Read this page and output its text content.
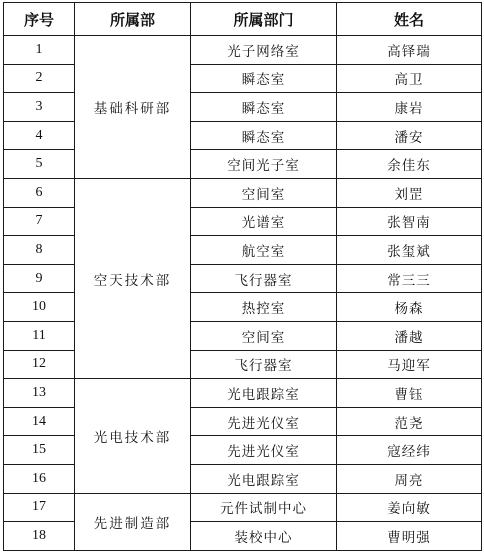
序号	所属部	所属部门	姓名
1	基础科研部	光子网络室	高铎瑞
2		瞬态室	高卫
3		瞬态室	康岩
4		瞬态室	潘安
5		空间光子室	余佳东
6	空天技术部	空间室	刘罡
7		光谱室	张智南
8		航空室	张玺斌
9		飞行器室	常三三
10		热控室	杨森
11		空间室	潘越
12		飞行器室	马迎军
13	光电技术部	光电跟踪室	曹钰
14		先进光仪室	范尧
15		先进光仪室	寇经纬
16		光电跟踪室	周亮
17	先进制造部	元件试制中心	姜向敏
18		装校中心	曹明强
